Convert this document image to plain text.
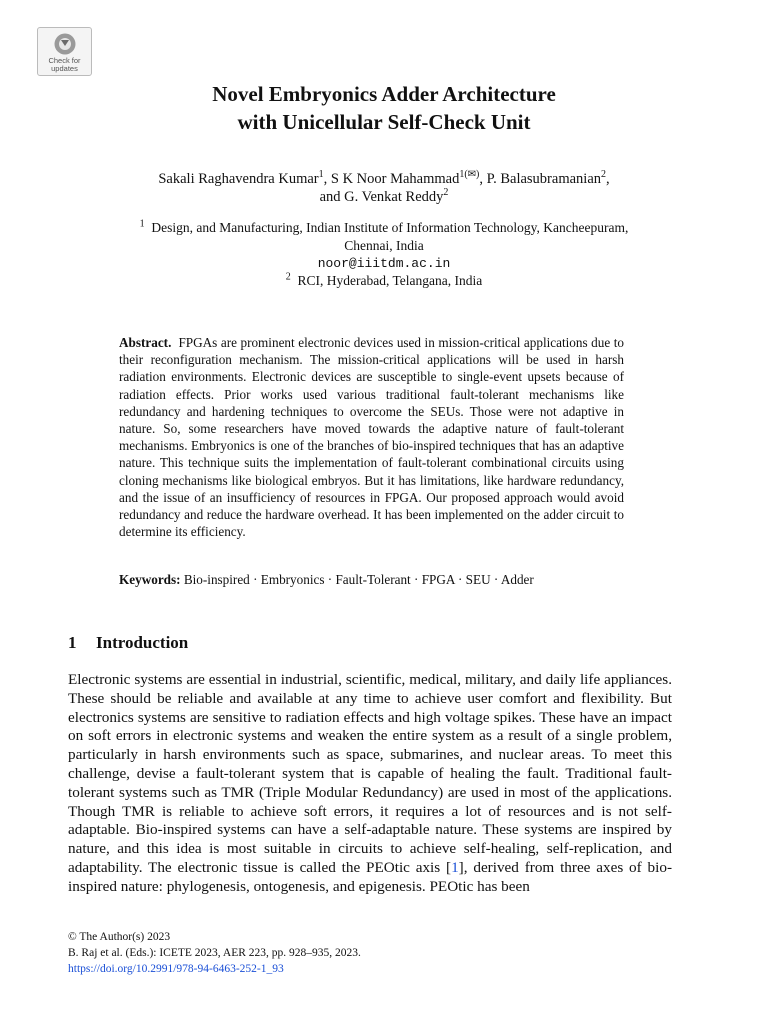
Check for updates
Novel Embryonics Adder Architecture
with Unicellular Self-Check Unit
Sakali Raghavendra Kumar$^1$, S K Noor Mahammad$^{1(✉)}$, P. Balasubramanian$^2$,
and G. Venkat Reddy$^2$
$^1$ Design, and Manufacturing, Indian Institute of Information Technology, Kancheepuram,
Chennai, India
noor@iiitdm.ac.in
$^2$ RCI, Hyderabad, Telangana, India
Abstract. FPGAs are prominent electronic devices used in mission-critical applications due to their reconfiguration mechanism. The mission-critical applications will be used in harsh radiation environments. Electronic devices are susceptible to single-event upsets because of radiation effects. Prior works used various traditional fault-tolerant mechanisms like redundancy and hardening techniques to overcome the SEUs. Those were not adaptive in nature. So, some researchers have moved towards the adaptive nature of fault-tolerant mechanisms. Embryonics is one of the branches of bio-inspired techniques that has an adaptive nature. This technique suits the implementation of fault-tolerant combinational circuits using cloning mechanisms like biological embryos. But it has limitations, like hardware redundancy, and the issue of an insufficiency of resources in FPGA. Our proposed approach would avoid redundancy and reduce the hardware overhead. It has been implemented on the adder circuit to determine its efficiency.
Keywords: Bio-inspired · Embryonics · Fault-Tolerant · FPGA · SEU · Adder
1 Introduction
Electronic systems are essential in industrial, scientific, medical, military, and daily life appliances. These should be reliable and available at any time to achieve user comfort and flexibility. But electronics systems are sensitive to radiation effects and high voltage spikes. These have an impact on soft errors in electronic systems and weaken the entire system as a result of a single problem, particularly in harsh environments such as space, submarines, and nuclear areas. To meet this challenge, devise a fault-tolerant system that is capable of healing the fault. Traditional fault-tolerant systems such as TMR (Triple Modular Redundancy) are used in most of the applications. Though TMR is reliable to achieve soft errors, it requires a lot of resources and is not self-adaptable. Bio-inspired systems can have a self-adaptable nature. These systems are inspired by nature, and this idea is most suitable in circuits to achieve self-healing, self-replication, and adaptability. The electronic tissue is called the PEOtic axis [1], derived from three axes of bio-inspired nature: phylogenesis, ontogenesis, and epigenesis. PEOtic has been
© The Author(s) 2023
B. Raj et al. (Eds.): ICETE 2023, AER 223, pp. 928–935, 2023.
https://doi.org/10.2991/978-94-6463-252-1_93
